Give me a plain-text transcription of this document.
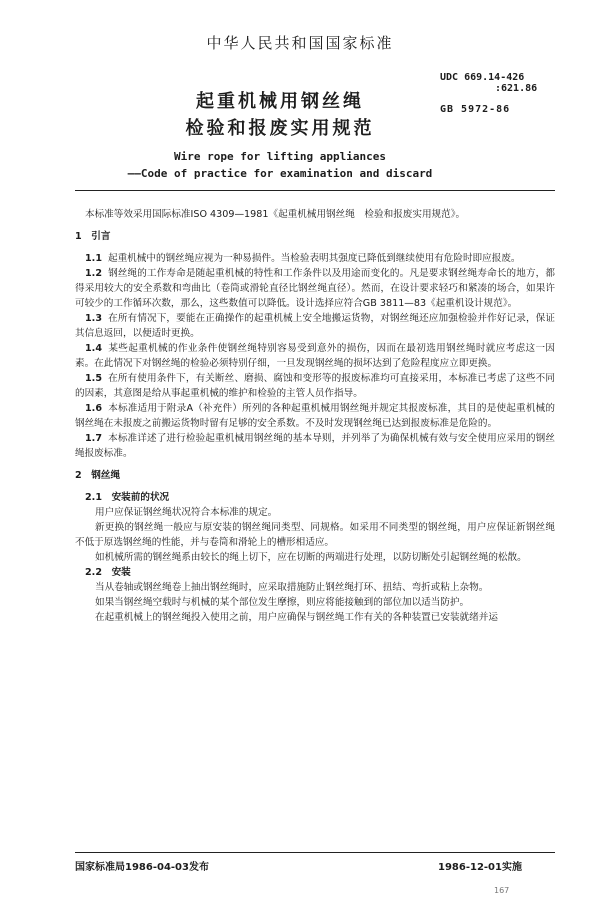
中华人民共和国国家标准
UDC 669.14-426
:621.86
GB 5972-86
起重机械用钢丝绳
检验和报废实用规范
Wire rope for lifting appliances
——Code of practice for examination and discard

本标准等效采用国际标准ISO 4309—1981《起重机械用钢丝绳　检验和报废实用规范》。

1　引言

1.1 起重机械中的钢丝绳应视为一种易损件。当检验表明其强度已降低到继续使用有危险时即应报废。

1.2 钢丝绳的工作寿命是随起重机械的特性和工作条件以及用途而变化的。凡是要求钢丝绳寿命长的地方，都得采用较大的安全系数和弯曲比（卷筒或滑轮直径比钢丝绳直径）。然而，在设计要求轻巧和紧凑的场合，如果许可较少的工作循环次数，那么，这些数值可以降低。设计选择应符合GB 3811—83《起重机设计规范》。

1.3 在所有情况下，要能在正确操作的起重机械上安全地搬运货物，对钢丝绳还应加强检验并作好记录，保证其信息返回，以便适时更换。

1.4 某些起重机械的作业条件使钢丝绳特别容易受到意外的损伤，因而在最初选用钢丝绳时就应考虑这一因素。在此情况下对钢丝绳的检验必须特别仔细，一旦发现钢丝绳的损坏达到了危险程度应立即更换。

1.5 在所有使用条件下，有关断丝、磨损、腐蚀和变形等的报废标准均可直接采用，本标准已考虑了这些不同的因素，其意图是给从事起重机械的维护和检验的主管人员作指导。

1.6 本标准适用于附录A（补充件）所列的各种起重机械用钢丝绳并规定其报废标准，其目的是使起重机械的钢丝绳在未报废之前搬运货物时留有足够的安全系数。不及时发现钢丝绳已达到报废标准是危险的。

1.7 本标准详述了进行检验起重机械用钢丝绳的基本导则，并列举了为确保机械有效与安全使用应采用的钢丝绳报废标准。

2　钢丝绳

2.1　安装前的状况

用户应保证钢丝绳状况符合本标准的规定。

新更换的钢丝绳一般应与原安装的钢丝绳同类型、同规格。如采用不同类型的钢丝绳，用户应保证新钢丝绳不低于原选钢丝绳的性能，并与卷筒和滑轮上的槽形相适应。

如机械所需的钢丝绳系由较长的绳上切下，应在切断的两端进行处理，以防切断处引起钢丝绳的松散。

2.2　安装

当从卷轴或钢丝绳卷上抽出钢丝绳时，应采取措施防止钢丝绳打环、扭结、弯折或粘上杂物。

如果当钢丝绳空载时与机械的某个部位发生摩擦，则应将能接触到的部位加以适当防护。

在起重机械上的钢丝绳投入使用之前，用户应确保与钢丝绳工作有关的各种装置已安装就绪并运

国家标准局1986-04-03发布	1986-12-01实施
167
